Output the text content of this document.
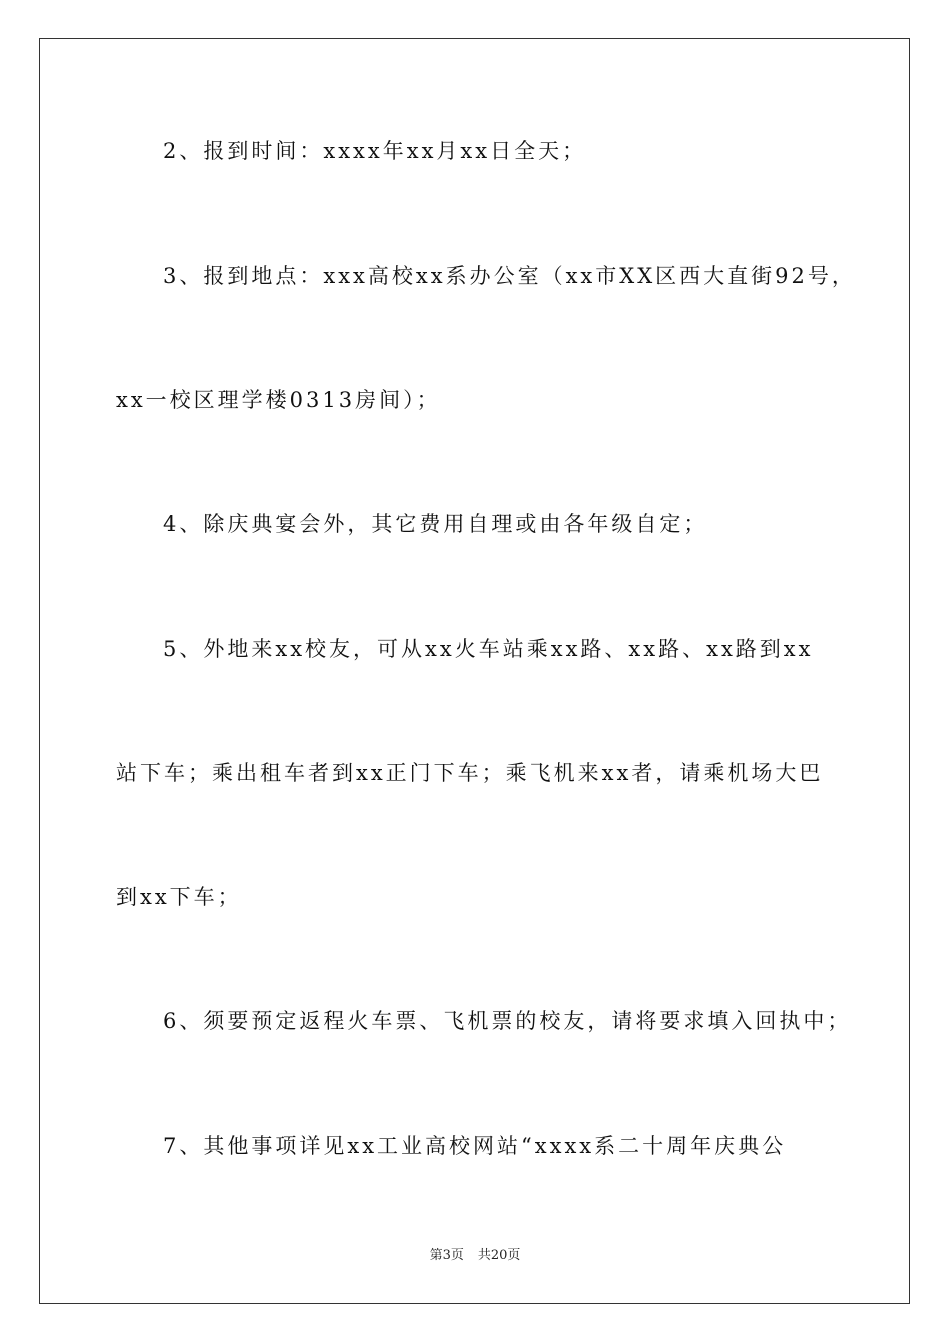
2、报到时间：xxxx年xx月xx日全天；
3、报到地点：xxx高校xx系办公室（xx市XX区西大直街92号，
xx一校区理学楼0313房间）；
4、除庆典宴会外，其它费用自理或由各年级自定；
5、外地来xx校友，可从xx火车站乘xx路、xx路、xx路到xx
站下车；乘出租车者到xx正门下车；乘飞机来xx者，请乘机场大巴
到xx下车；
6、须要预定返程火车票、飞机票的校友，请将要求填入回执中；
7、其他事项详见xx工业高校网站“xxxx系二十周年庆典公
第3页 共20页
